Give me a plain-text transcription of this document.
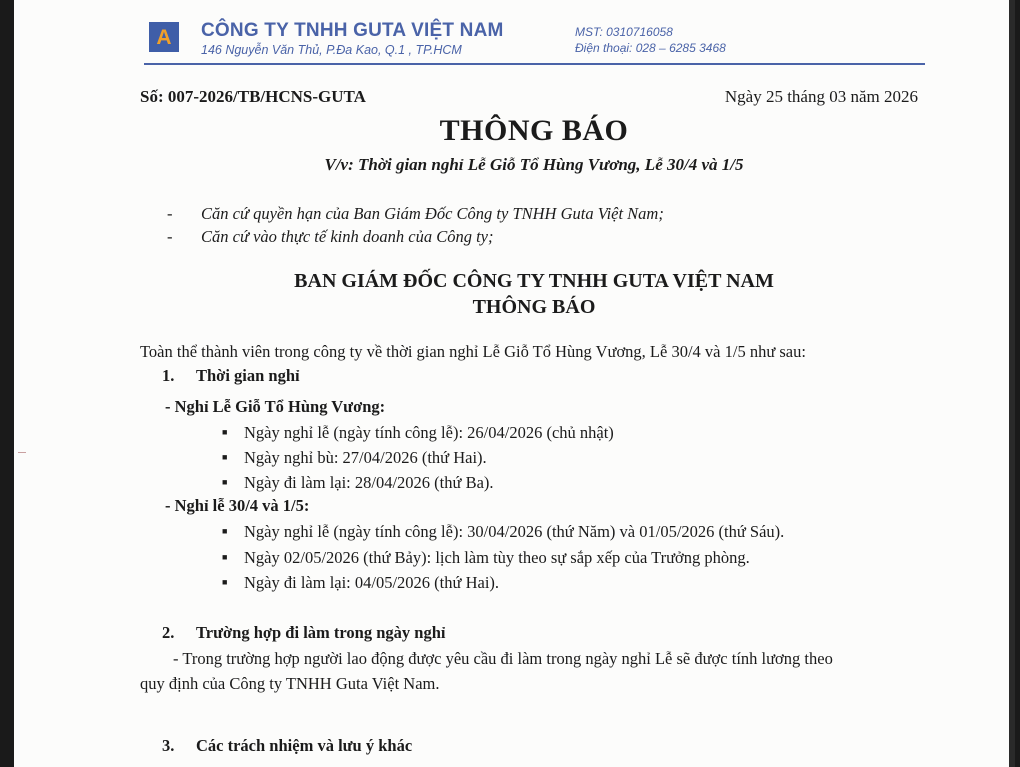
A CÔNG TY TNHH GUTA VIỆT NAM
146 Nguyễn Văn Thủ, P.Đa Kao, Q.1 , TP.HCM
MST: 0310716058
Điện thoại: 028 – 6285 3468
Số: 007-2026/TB/HCNS-GUTA	Ngày 25 tháng 03 năm 2026
THÔNG BÁO
V/v: Thời gian nghỉ Lễ Giỗ Tổ Hùng Vương, Lễ 30/4 và 1/5
- Căn cứ quyền hạn của Ban Giám Đốc Công ty TNHH Guta Việt Nam;
- Căn cứ vào thực tế kinh doanh của Công ty;
BAN GIÁM ĐỐC CÔNG TY TNHH GUTA VIỆT NAM
THÔNG BÁO
Toàn thể thành viên trong công ty về thời gian nghỉ Lễ Giỗ Tổ Hùng Vương, Lễ 30/4 và 1/5 như sau:
1. Thời gian nghỉ
- Nghỉ Lễ Giỗ Tổ Hùng Vương:
■ Ngày nghỉ lễ (ngày tính công lễ): 26/04/2026 (chủ nhật)
■ Ngày nghỉ bù: 27/04/2026 (thứ Hai).
■ Ngày đi làm lại: 28/04/2026 (thứ Ba).
- Nghỉ lễ 30/4 và 1/5:
■ Ngày nghỉ lễ (ngày tính công lễ): 30/04/2026 (thứ Năm) và 01/05/2026 (thứ Sáu).
■ Ngày 02/05/2026 (thứ Bảy): lịch làm tùy theo sự sắp xếp của Trưởng phòng.
■ Ngày đi làm lại: 04/05/2026 (thứ Hai).
2. Trường hợp đi làm trong ngày nghỉ
- Trong trường hợp người lao động được yêu cầu đi làm trong ngày nghỉ Lễ sẽ được tính lương theo
quy định của Công ty TNHH Guta Việt Nam.
3. Các trách nhiệm và lưu ý khác
